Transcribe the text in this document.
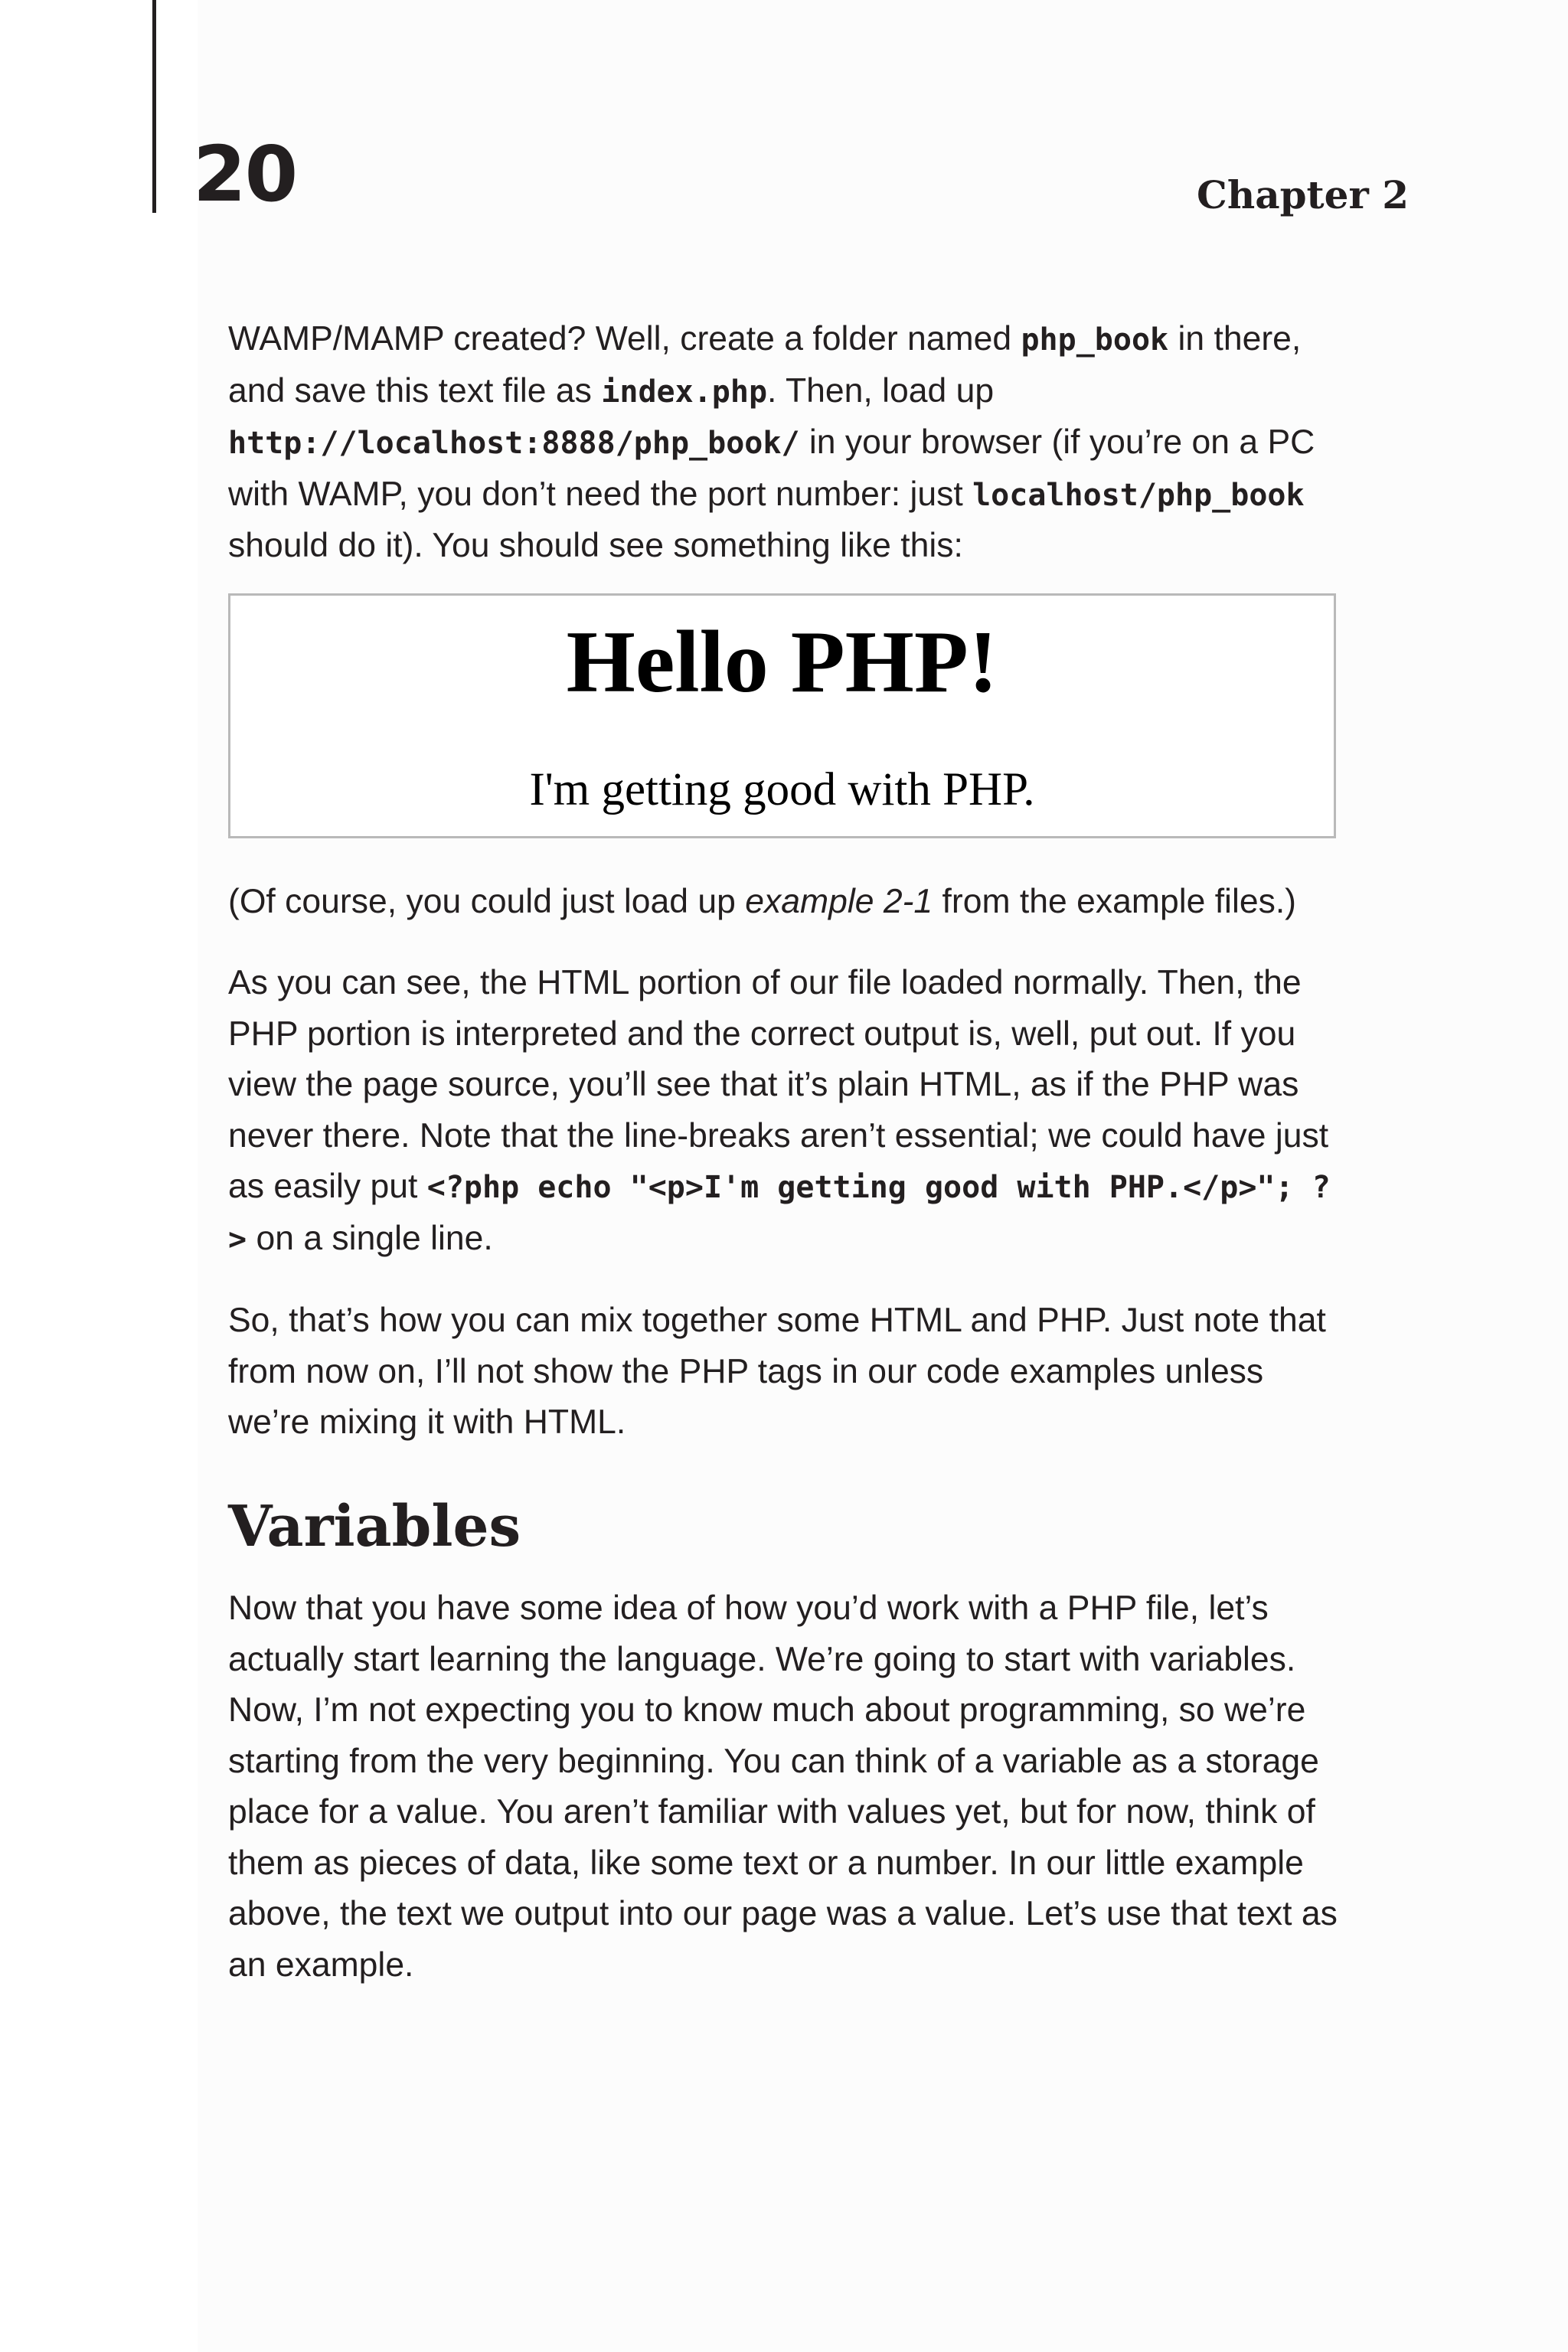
20	Chapter 2

WAMP/MAMP created? Well, create a folder named php_book in there, and save this text file as index.php. Then, load up http://localhost:8888/php_book/ in your browser (if you’re on a PC with WAMP, you don’t need the port number: just localhost/php_book should do it). You should see something like this:

Hello PHP!
I'm getting good with PHP.

(Of course, you could just load up example 2-1 from the example files.)

As you can see, the HTML portion of our file loaded normally. Then, the PHP portion is interpreted and the correct output is, well, put out. If you view the page source, you’ll see that it’s plain HTML, as if the PHP was never there. Note that the line-breaks aren’t essential; we could have just as easily put <?php echo "<p>I'm getting good with PHP.</p>"; ?> on a single line.

So, that’s how you can mix together some HTML and PHP. Just note that from now on, I’ll not show the PHP tags in our code examples unless we’re mixing it with HTML.

Variables

Now that you have some idea of how you’d work with a PHP file, let’s actually start learning the language. We’re going to start with variables. Now, I’m not expecting you to know much about programming, so we’re starting from the very beginning. You can think of a variable as a storage place for a value. You aren’t familiar with values yet, but for now, think of them as pieces of data, like some text or a number. In our little example above, the text we output into our page was a value. Let’s use that text as an example.
